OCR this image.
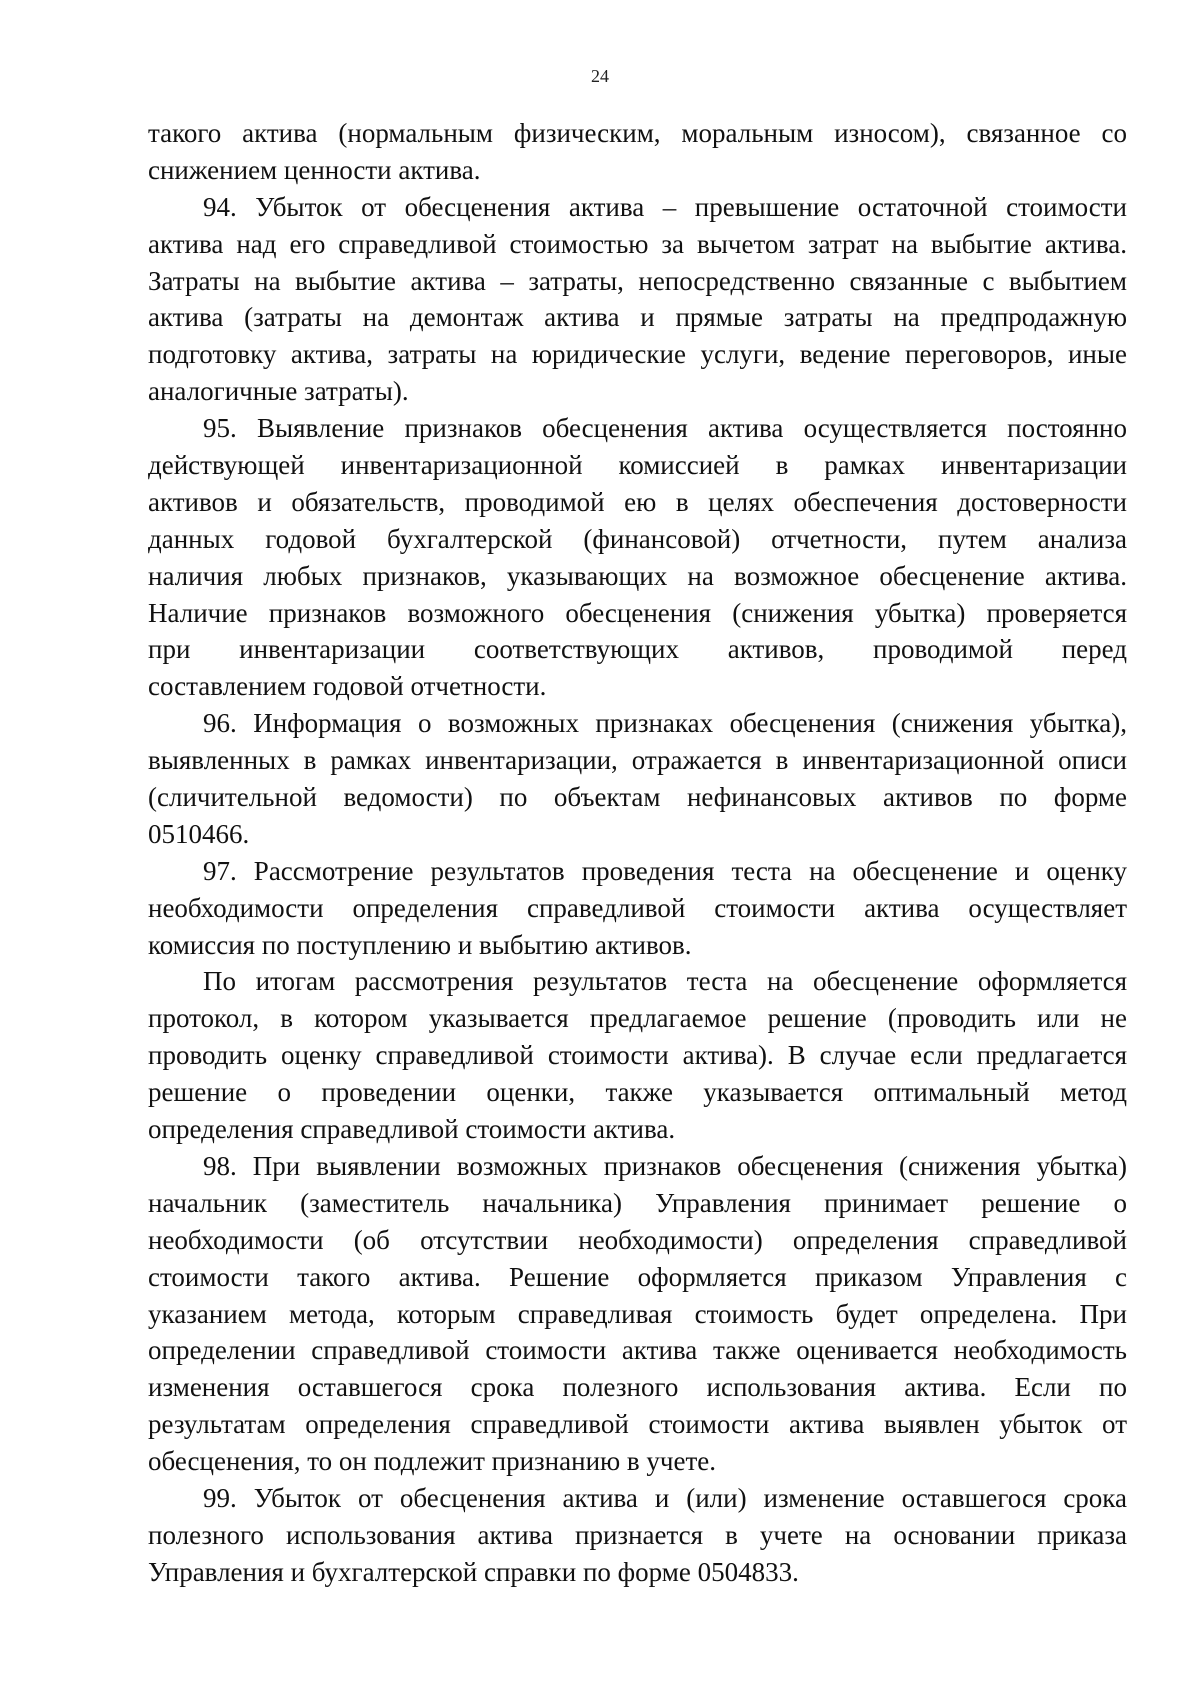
24
такого актива (нормальным физическим, моральным износом), связанное со
снижением ценности актива.
94. Убыток от обесценения актива – превышение остаточной стоимости
актива над его справедливой стоимостью за вычетом затрат на выбытие актива.
Затраты на выбытие актива – затраты, непосредственно связанные с выбытием
актива (затраты на демонтаж актива и прямые затраты на предпродажную
подготовку актива, затраты на юридические услуги, ведение переговоров, иные
аналогичные затраты).
95. Выявление признаков обесценения актива осуществляется постоянно
действующей инвентаризационной комиссией в рамках инвентаризации
активов и обязательств, проводимой ею в целях обеспечения достоверности
данных годовой бухгалтерской (финансовой) отчетности, путем анализа
наличия любых признаков, указывающих на возможное обесценение актива.
Наличие признаков возможного обесценения (снижения убытка) проверяется
при инвентаризации соответствующих активов, проводимой перед
составлением годовой отчетности.
96. Информация о возможных признаках обесценения (снижения убытка),
выявленных в рамках инвентаризации, отражается в инвентаризационной описи
(сличительной ведомости) по объектам нефинансовых активов по форме
0510466.
97. Рассмотрение результатов проведения теста на обесценение и оценку
необходимости определения справедливой стоимости актива осуществляет
комиссия по поступлению и выбытию активов.
По итогам рассмотрения результатов теста на обесценение оформляется
протокол, в котором указывается предлагаемое решение (проводить или не
проводить оценку справедливой стоимости актива). В случае если предлагается
решение о проведении оценки, также указывается оптимальный метод
определения справедливой стоимости актива.
98. При выявлении возможных признаков обесценения (снижения убытка)
начальник (заместитель начальника) Управления принимает решение о
необходимости (об отсутствии необходимости) определения справедливой
стоимости такого актива. Решение оформляется приказом Управления с
указанием метода, которым справедливая стоимость будет определена. При
определении справедливой стоимости актива также оценивается необходимость
изменения оставшегося срока полезного использования актива. Если по
результатам определения справедливой стоимости актива выявлен убыток от
обесценения, то он подлежит признанию в учете.
99. Убыток от обесценения актива и (или) изменение оставшегося срока
полезного использования актива признается в учете на основании приказа
Управления и бухгалтерской справки по форме 0504833.
